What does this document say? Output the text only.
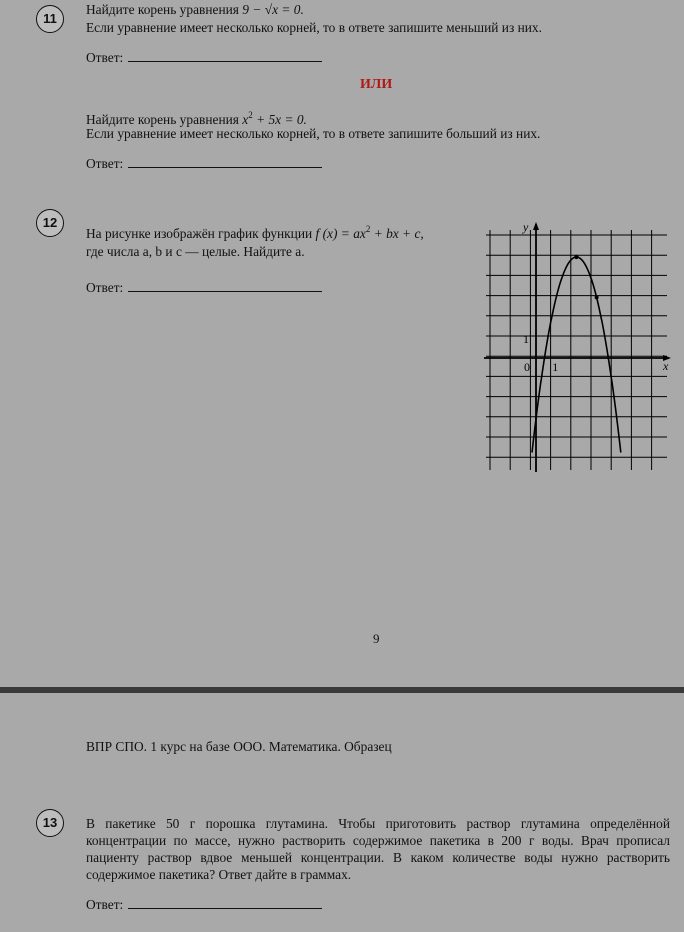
11
Найдите корень уравнения 9 − √x = 0.
Если уравнение имеет несколько корней, то в ответе запишите меньший из них.
Ответ:
ИЛИ
Найдите корень уравнения $x^2 + 5x = 0$.
Если уравнение имеет несколько корней, то в ответе запишите больший из них.
Ответ:
12
На рисунке изображён график функции f $(x) = ax^2$ + bx + c,
где числа a, b и c — целые. Найдите a.
Ответ:
y
x
0 1
1
9
ВПР СПО. 1 курс на базе ООО. Математика. Образец
13	В пакетике 50 г порошка глутамина. Чтобы приготовить раствор глутамина определённой концентрации по массе, нужно растворить содержимое пакетика в 200 г воды. Врач прописал пациенту раствор вдвое меньшей концентрации. В каком количестве воды нужно растворить содержимое пакетика? Ответ дайте в граммах.
Ответ:
